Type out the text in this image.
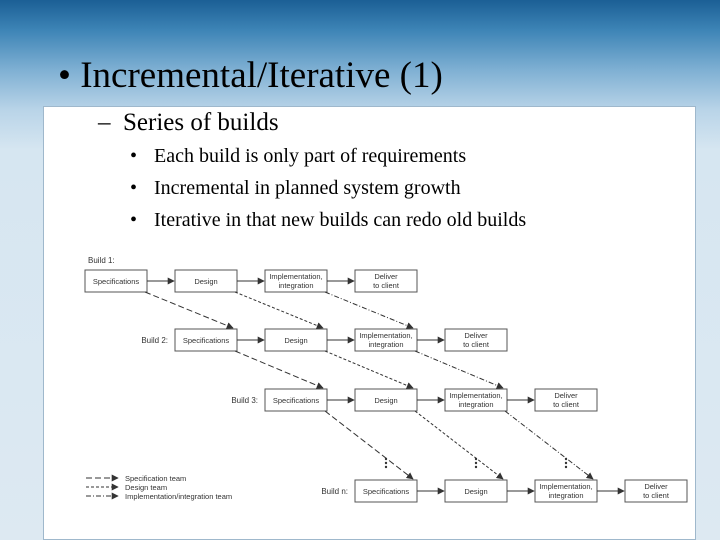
• Incremental/Iterative (1)
–  Series of builds
• Each build is only part of requirements
• Incremental in planned system growth
• Iterative in that new builds can redo old builds
Build 1:
Specifications	Design
Implementation,
integration
Deliver
to client
Build 2: Specifications	Design
Implementation,
integration
Deliver
to client
Build 3: Specifications	Design
Implementation,
integration
Deliver
to client
Build n: Specifications	Design
Implementation,
integration
Deliver
to client
Specification team
Design team
Implementation/integration team
